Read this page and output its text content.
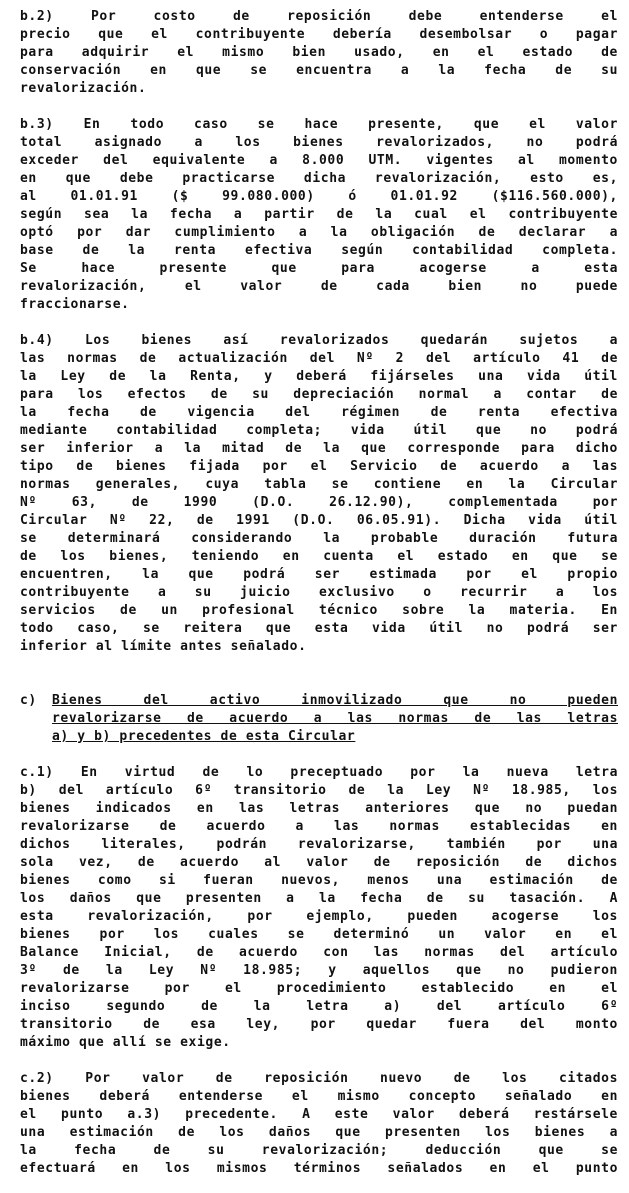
b.2) Por costo de reposición debe entenderse el
precio que el contribuyente debería desembolsar o pagar
para adquirir el mismo bien usado, en el estado de
conservación en que se encuentra a la fecha de su
revalorización.
b.3) En todo caso se hace presente, que el valor
total asignado a los bienes revalorizados, no podrá
exceder del equivalente a 8.000 UTM. vigentes al momento
en que debe practicarse dicha revalorización, esto es,
al 01.01.91 ($ 99.080.000) ó 01.01.92 ($116.560.000),
según sea la fecha a partir de la cual el contribuyente
optó por dar cumplimiento a la obligación de declarar a
base de la renta efectiva según contabilidad completa.
Se hace presente que para acogerse a esta
revalorización, el valor de cada bien no puede
fraccionarse.
b.4) Los bienes así revalorizados quedarán sujetos a
las normas de actualización del Nº 2 del artículo 41 de
la Ley de la Renta, y deberá fijárseles una vida útil
para los efectos de su depreciación normal a contar de
la fecha de vigencia del régimen de renta efectiva
mediante contabilidad completa; vida útil que no podrá
ser inferior a la mitad de la que corresponde para dicho
tipo de bienes fijada por el Servicio de acuerdo a las
normas generales, cuya tabla se contiene en la Circular
Nº 63, de 1990 (D.O. 26.12.90), complementada por
Circular Nº 22, de 1991 (D.O. 06.05.91). Dicha vida útil
se determinará considerando la probable duración futura
de los bienes, teniendo en cuenta el estado en que se
encuentren, la que podrá ser estimada por el propio
contribuyente a su juicio exclusivo o recurrir a los
servicios de un profesional técnico sobre la materia. En
todo caso, se reitera que esta vida útil no podrá ser
inferior al límite antes señalado.
c) Bienes del activo inmovilizado que no pueden
revalorizarse de acuerdo a las normas de las letras
a) y b) precedentes de esta Circular
c.1) En virtud de lo preceptuado por la nueva letra
b) del artículo 6º transitorio de la Ley Nº 18.985, los
bienes indicados en las letras anteriores que no puedan
revalorizarse de acuerdo a las normas establecidas en
dichos literales, podrán revalorizarse, también por una
sola vez, de acuerdo al valor de reposición de dichos
bienes como si fueran nuevos, menos una estimación de
los daños que presenten a la fecha de su tasación. A
esta revalorización, por ejemplo, pueden acogerse los
bienes por los cuales se determinó un valor en el
Balance Inicial, de acuerdo con las normas del artículo
3º de la Ley Nº 18.985; y aquellos que no pudieron
revalorizarse por el procedimiento establecido en el
inciso segundo de la letra a) del artículo 6º
transitorio de esa ley, por quedar fuera del monto
máximo que allí se exige.
c.2) Por valor de reposición nuevo de los citados
bienes deberá entenderse el mismo concepto señalado en
el punto a.3) precedente. A este valor deberá restársele
una estimación de los daños que presenten los bienes a
la fecha de su revalorización; deducción que se
efectuará en los mismos términos señalados en el punto
